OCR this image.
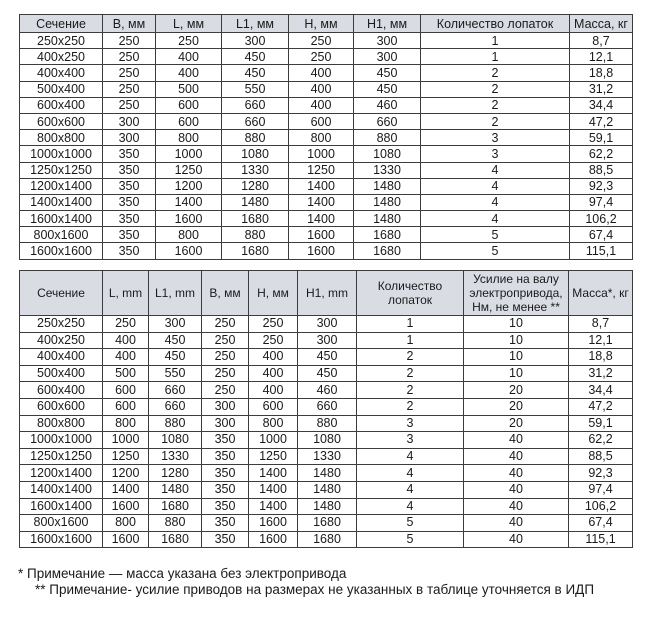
Сечение	B, мм	L, мм	L1, мм	H, мм	H1, мм	Количество лопаток	Масса, кг
250x250	250	250	300	250	300	1	8,7
400x250	250	400	450	250	300	1	12,1
400x400	250	400	450	400	450	2	18,8
500x400	250	500	550	400	450	2	31,2
600x400	250	600	660	400	460	2	34,4
600x600	300	600	660	600	660	2	47,2
800x800	300	800	880	800	880	3	59,1
1000x1000	350	1000	1080	1000	1080	3	62,2
1250x1250	350	1250	1330	1250	1330	4	88,5
1200x1400	350	1200	1280	1400	1480	4	92,3
1400x1400	350	1400	1480	1400	1480	4	97,4
1600x1400	350	1600	1680	1400	1480	4	106,2
800x1600	350	800	880	1600	1680	5	67,4
1600x1600	350	1600	1680	1600	1680	5	115,1
Сечение	L, mm	L1, mm	B, мм	H, мм	H1, mm	Количество лопаток	Усилие на валу электропривода, Нм, не менее **	Масса*, кг
250x250	250	300	250	250	300	1	10	8,7
400x250	400	450	250	250	300	1	10	12,1
400x400	400	450	250	400	450	2	10	18,8
500x400	500	550	250	400	450	2	10	31,2
600x400	600	660	250	400	460	2	20	34,4
600x600	600	660	300	600	660	2	20	47,2
800x800	800	880	300	800	880	3	20	59,1
1000x1000	1000	1080	350	1000	1080	3	40	62,2
1250x1250	1250	1330	350	1250	1330	4	40	88,5
1200x1400	1200	1280	350	1400	1480	4	40	92,3
1400x1400	1400	1480	350	1400	1480	4	40	97,4
1600x1400	1600	1680	350	1400	1480	4	40	106,2
800x1600	800	880	350	1600	1680	5	40	67,4
1600x1600	1600	1680	350	1600	1680	5	40	115,1

* Примечание — масса указана без электропривода

** Примечание- усилие приводов на размерах не указанных в таблице уточняется в ИДП
